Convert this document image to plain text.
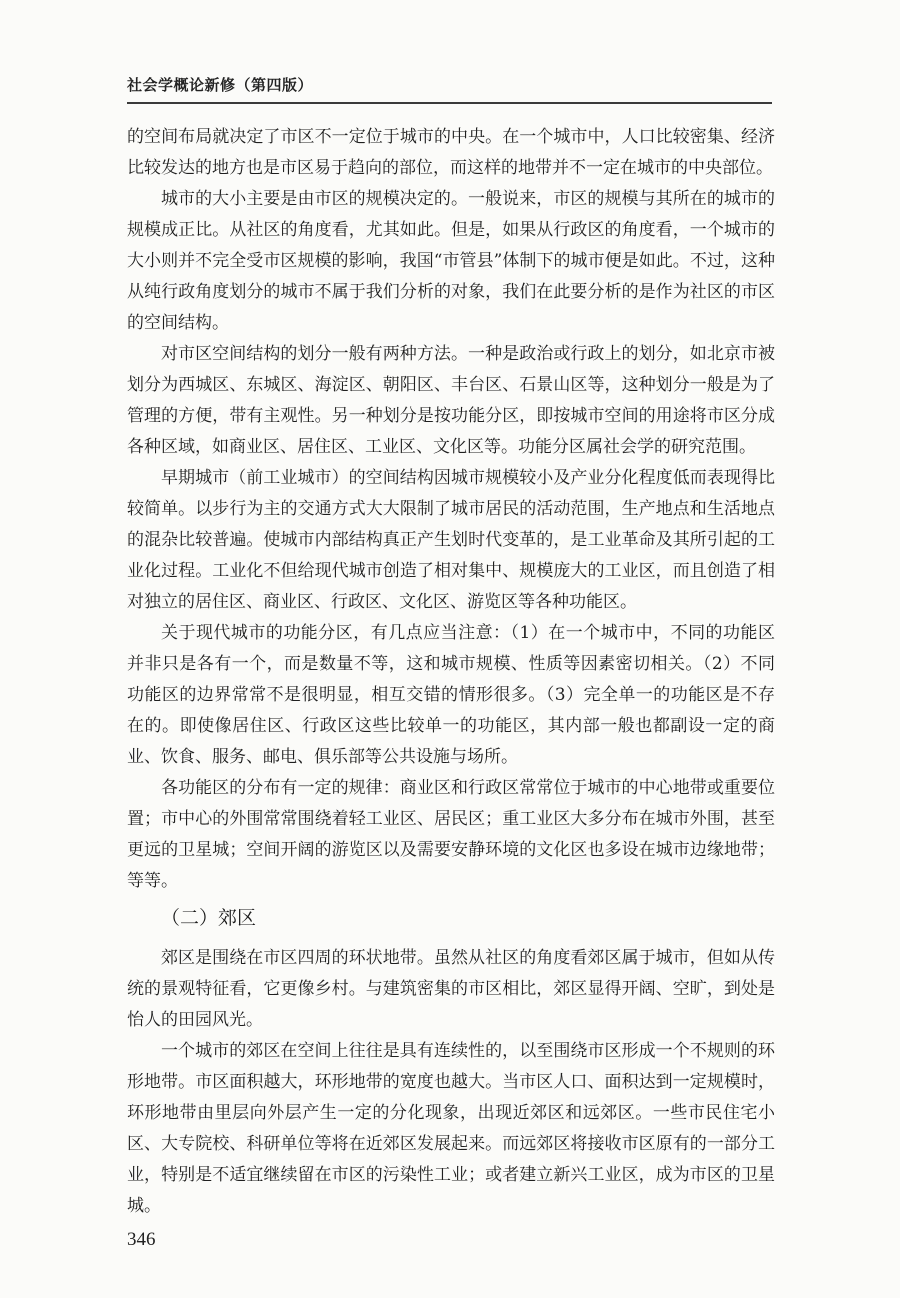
社会学概论新修（第四版）

的空间布局就决定了市区不一定位于城市的中央。在一个城市中，人口比较密集、经济比较发达的地方也是市区易于趋向的部位，而这样的地带并不一定在城市的中央部位。

城市的大小主要是由市区的规模决定的。一般说来，市区的规模与其所在的城市的规模成正比。从社区的角度看，尤其如此。但是，如果从行政区的角度看，一个城市的大小则并不完全受市区规模的影响，我国“市管县”体制下的城市便是如此。不过，这种从纯行政角度划分的城市不属于我们分析的对象，我们在此要分析的是作为社区的市区的空间结构。

对市区空间结构的划分一般有两种方法。一种是政治或行政上的划分，如北京市被划分为西城区、东城区、海淀区、朝阳区、丰台区、石景山区等，这种划分一般是为了管理的方便，带有主观性。另一种划分是按功能分区，即按城市空间的用途将市区分成各种区域，如商业区、居住区、工业区、文化区等。功能分区属社会学的研究范围。

早期城市（前工业城市）的空间结构因城市规模较小及产业分化程度低而表现得比较简单。以步行为主的交通方式大大限制了城市居民的活动范围，生产地点和生活地点的混杂比较普遍。使城市内部结构真正产生划时代变革的，是工业革命及其所引起的工业化过程。工业化不但给现代城市创造了相对集中、规模庞大的工业区，而且创造了相对独立的居住区、商业区、行政区、文化区、游览区等各种功能区。

关于现代城市的功能分区，有几点应当注意：（1）在一个城市中，不同的功能区并非只是各有一个，而是数量不等，这和城市规模、性质等因素密切相关。（2）不同功能区的边界常常不是很明显，相互交错的情形很多。（3）完全单一的功能区是不存在的。即使像居住区、行政区这些比较单一的功能区，其内部一般也都副设一定的商业、饮食、服务、邮电、俱乐部等公共设施与场所。

各功能区的分布有一定的规律：商业区和行政区常常位于城市的中心地带或重要位置；市中心的外围常常围绕着轻工业区、居民区；重工业区大多分布在城市外围，甚至更远的卫星城；空间开阔的游览区以及需要安静环境的文化区也多设在城市边缘地带；等等。

（二）郊区

郊区是围绕在市区四周的环状地带。虽然从社区的角度看郊区属于城市，但如从传统的景观特征看，它更像乡村。与建筑密集的市区相比，郊区显得开阔、空旷，到处是怡人的田园风光。

一个城市的郊区在空间上往往是具有连续性的，以至围绕市区形成一个不规则的环形地带。市区面积越大，环形地带的宽度也越大。当市区人口、面积达到一定规模时，环形地带由里层向外层产生一定的分化现象，出现近郊区和远郊区。一些市民住宅小区、大专院校、科研单位等将在近郊区发展起来。而远郊区将接收市区原有的一部分工业，特别是不适宜继续留在市区的污染性工业；或者建立新兴工业区，成为市区的卫星城。

346
